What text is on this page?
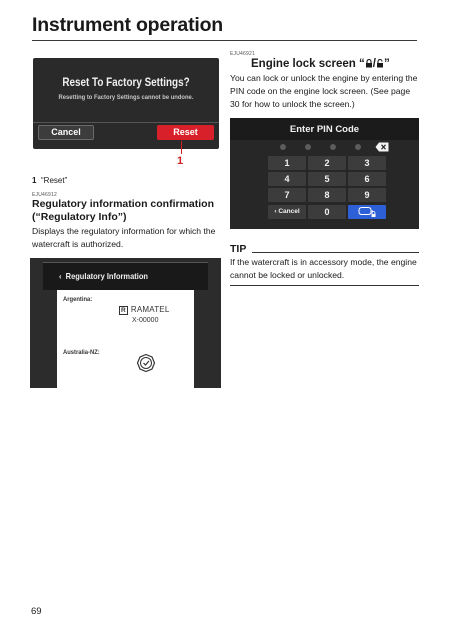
Instrument operation
Reset To Factory Settings?
Resetting to Factory Settings cannot be undone.
Cancel	Reset
1
1 “Reset”
EJU46912
Regulatory information confirmation (“Regulatory Info”)
Displays the regulatory information for which the watercraft is authorized.
‹ Regulatory Information
Argentina:
R RAMATEL
X-00000
Australia-NZ:
EJU46921
Engine lock screen “ / ”
You can lock or unlock the engine by entering the PIN code on the engine lock screen. (See page 30 for how to unlock the screen.)
Enter PIN Code
1	2	3
4	5	6
7	8	9
‹ Cancel	0
TIP
If the watercraft is in accessory mode, the engine cannot be locked or unlocked.
69
